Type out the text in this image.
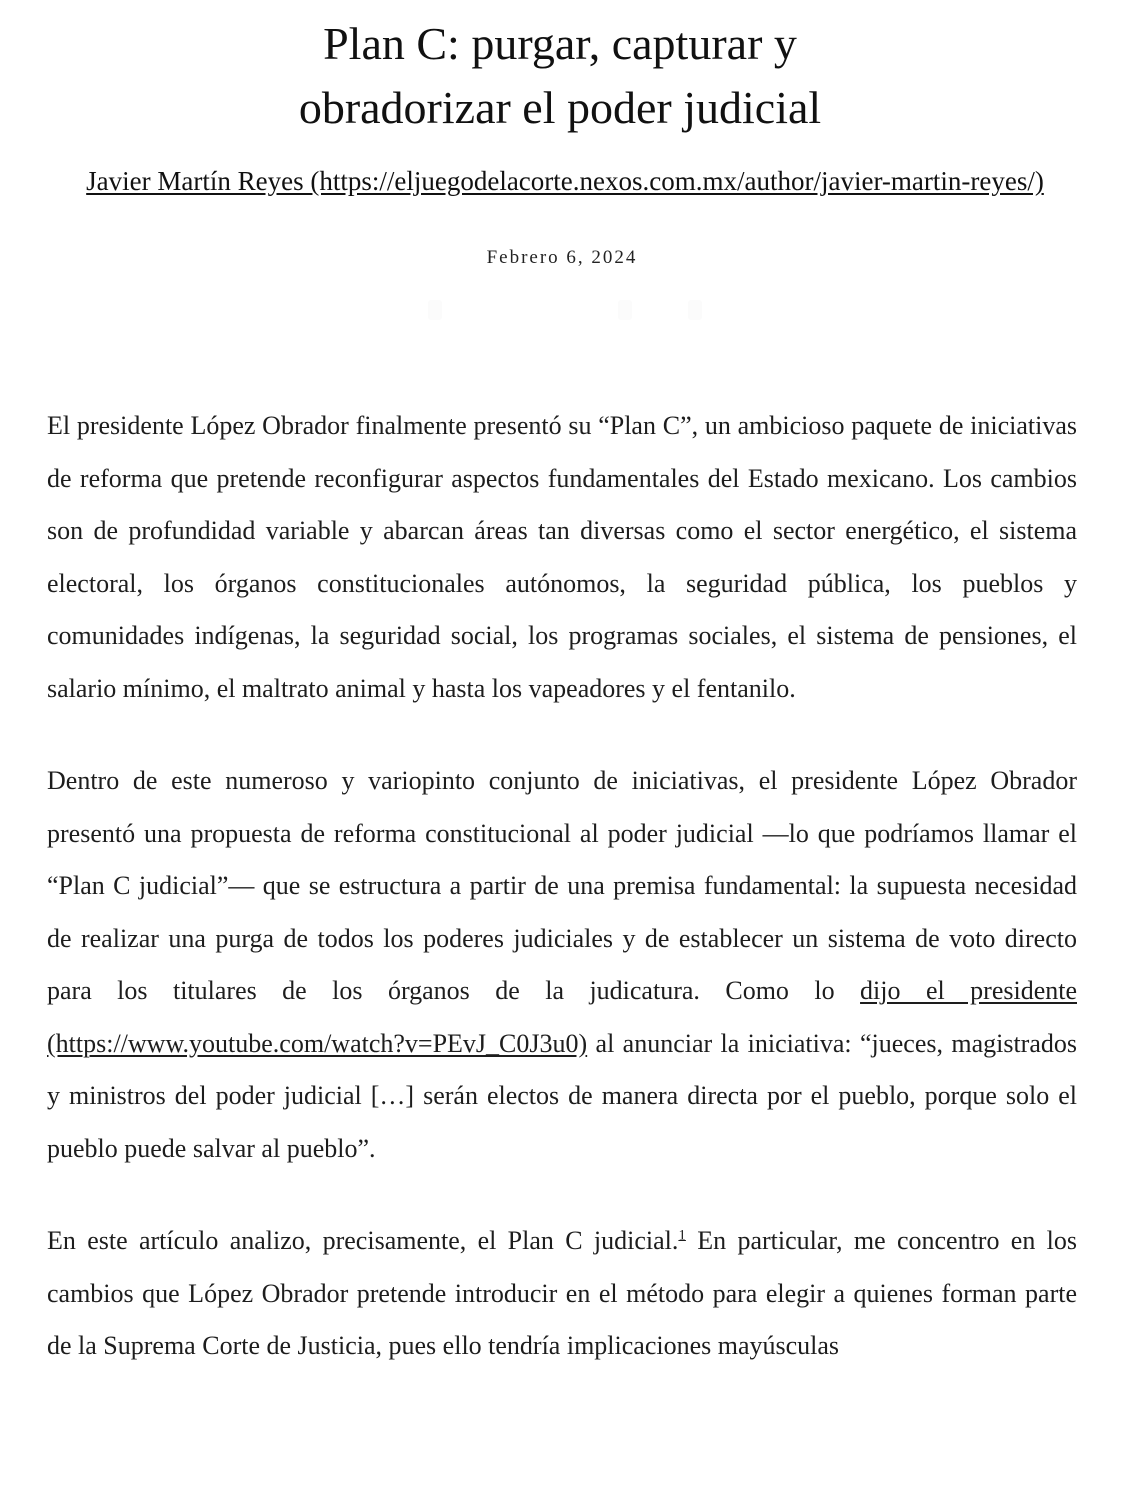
Plan C: purgar, capturar y
obradorizar el poder judicial
Javier Martín Reyes (https://eljuegodelacorte.nexos.com.mx/author/javier-martin-reyes/)
Febrero 6, 2024

El presidente López Obrador finalmente presentó su “Plan C”, un ambicioso paquete de iniciativas de reforma que pretende reconfigurar aspectos fundamentales del Estado mexicano. Los cambios son de profundidad variable y abarcan áreas tan diversas como el sector energético, el sistema electoral, los órganos constitucionales autónomos, la seguridad pública, los pueblos y comunidades indígenas, la seguridad social, los programas sociales, el sistema de pensiones, el salario mínimo, el maltrato animal y hasta los vapeadores y el fentanilo.

Dentro de este numeroso y variopinto conjunto de iniciativas, el presidente López Obrador presentó una propuesta de reforma constitucional al poder judicial —lo que podríamos llamar el “Plan C judicial”— que se estructura a partir de una premisa fundamental: la supuesta necesidad de realizar una purga de todos los poderes judiciales y de establecer un sistema de voto directo para los titulares de los órganos de la judicatura. Como lo dijo el presidente (https://www.youtube.com/watch?v=PEvJ_C0J3u0) al anunciar la iniciativa: “jueces, magistrados y ministros del poder judicial […] serán electos de manera directa por el pueblo, porque solo el pueblo puede salvar al pueblo”.

En este artículo analizo, precisamente, el Plan C judicial.$^1$ En particular, me concentro en los cambios que López Obrador pretende introducir en el método para elegir a quienes forman parte de la Suprema Corte de Justicia, pues ello tendría implicaciones mayúsculas
